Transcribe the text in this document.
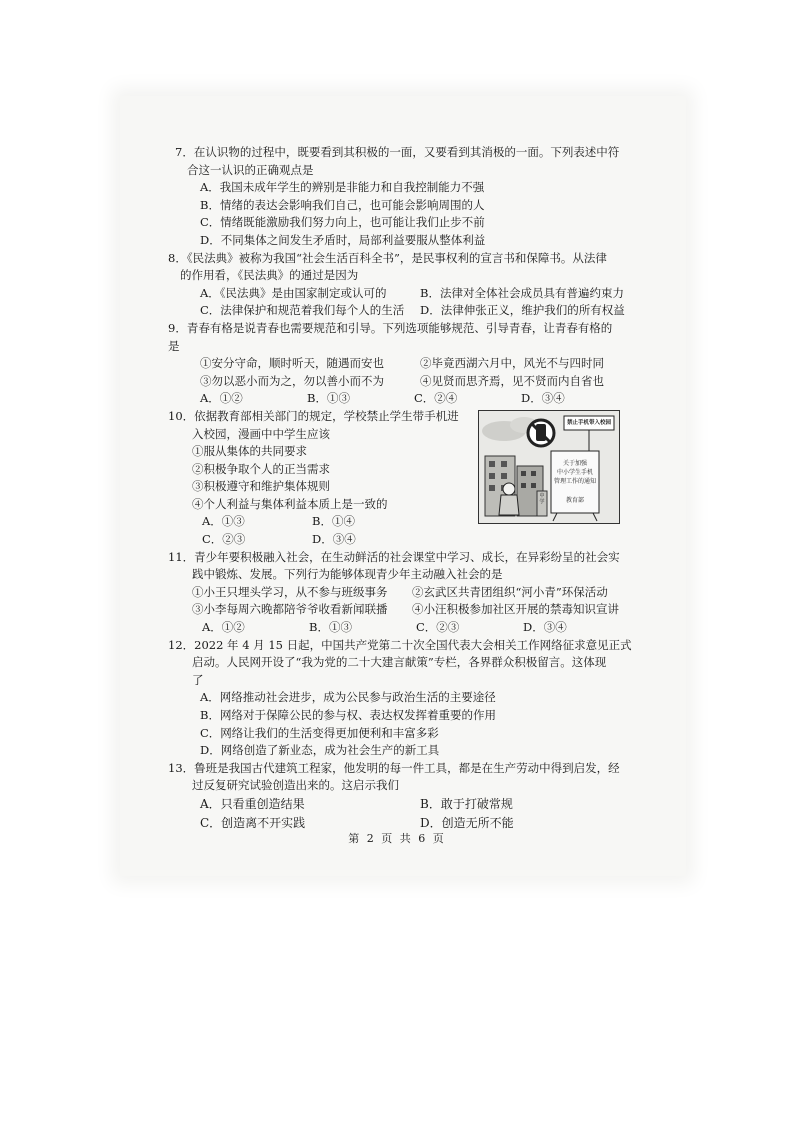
7．在认识物的过程中，既要看到其积极的一面，又要看到其消极的一面。下列表述中符
合这一认识的正确观点是
A．我国未成年学生的辨别是非能力和自我控制能力不强
B．情绪的表达会影响我们自己，也可能会影响周围的人
C．情绪既能激励我们努力向上，也可能让我们止步不前
D．不同集体之间发生矛盾时，局部利益要服从整体利益
8．《民法典》被称为我国“社会生活百科全书”，是民事权利的宣言书和保障书。从法律
的作用看，《民法典》的通过是因为
A．《民法典》是由国家制定或认可的	B．法律对全体社会成员具有普遍约束力
C．法律保护和规范着我们每个人的生活	D．法律伸张正义，维护我们的所有权益
9．青春有格是说青春也需要规范和引导。下列选项能够规范、引导青春，让青春有格的
是
①安分守命，顺时听天，随遇而安也	②毕竟西湖六月中，风光不与四时同
③勿以恶小而为之，勿以善小而不为	④见贤而思齐焉，见不贤而内自省也
A．①②	B．①③	C．②④	D．③④
10．依据教育部相关部门的规定，学校禁止学生带手机进
入校园，漫画中中学生应该
①服从集体的共同要求
②积极争取个人的正当需求
③积极遵守和维护集体规则
④个人利益与集体利益本质上是一致的
A．①③	B．①④
C．②③	D．③④
禁止手机带入校园
关于加强
中小学生手机
管理工作的通知
教育部
中学
11．青少年要积极融入社会，在生动鲜活的社会课堂中学习、成长，在异彩纷呈的社会实
践中锻炼、发展。下列行为能够体现青少年主动融入社会的是
①小王只埋头学习，从不参与班级事务	②玄武区共青团组织“河小青”环保活动
③小李每周六晚都陪爷爷收看新闻联播	④小汪积极参加社区开展的禁毒知识宣讲
A．①②	B．①③	C．②③	D．③④
12．2022 年 4 月 15 日起，中国共产党第二十次全国代表大会相关工作网络征求意见正式
启动。人民网开设了“我为党的二十大建言献策”专栏，各界群众积极留言。这体现
了
A．网络推动社会进步，成为公民参与政治生活的主要途径
B．网络对于保障公民的参与权、表达权发挥着重要的作用
C．网络让我们的生活变得更加便利和丰富多彩
D．网络创造了新业态，成为社会生产的新工具
13．鲁班是我国古代建筑工程家，他发明的每一件工具，都是在生产劳动中得到启发，经
过反复研究试验创造出来的。这启示我们
A．只看重创造结果	B．敢于打破常规
C．创造离不开实践	D．创造无所不能
第 2 页 共 6 页
